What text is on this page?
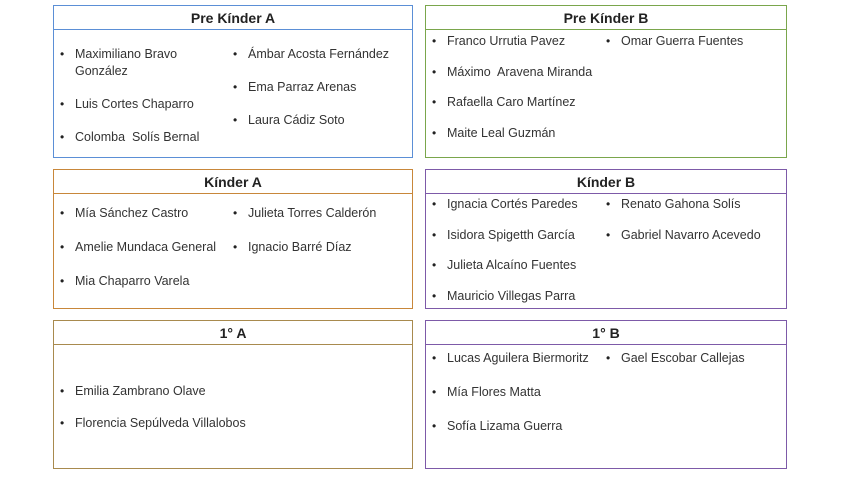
Pre Kínder A
• Maximiliano Bravo González
• Luis Cortes Chaparro
• Colomba  Solís Bernal
• Ámbar Acosta Fernández
• Ema Parraz Arenas
• Laura Cádiz Soto
Pre Kínder B
• Franco Urrutia Pavez
• Máximo  Aravena Miranda
• Rafaella Caro Martínez
• Maite Leal Guzmán
• Omar Guerra Fuentes
Kínder A
• Mía Sánchez Castro
• Amelie Mundaca General
• Mia Chaparro Varela
• Julieta Torres Calderón
• Ignacio Barré Díaz
Kínder B
• Ignacia Cortés Paredes
• Isidora Spigetth García
• Julieta Alcaíno Fuentes
• Mauricio Villegas Parra
• Renato Gahona Solís
• Gabriel Navarro Acevedo
1° A
• Emilia Zambrano Olave
• Florencia Sepúlveda Villalobos
1° B
• Lucas Aguilera Biermoritz
• Mía Flores Matta
• Sofía Lizama Guerra
• Gael Escobar Callejas
